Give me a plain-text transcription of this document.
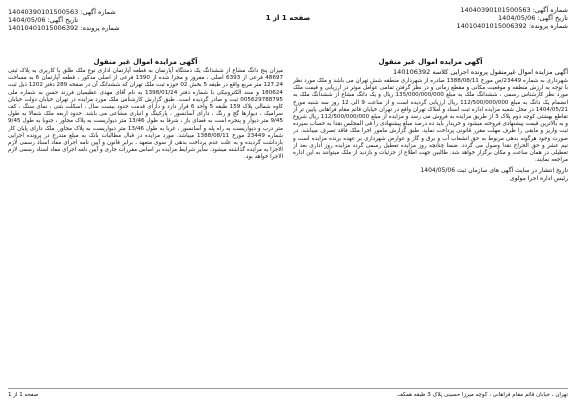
شماره آگهی: 14040390101500563
تاریخ آگهی: 1404/05/06
شماره پرونده: 14010401015006392
صفحه 1 از 1
شماره آگهی: 14040390101500563
تاریخ آگهی: 1404/05/06
شماره پرونده: 14010401015006392
آگهی مزایده اموال غیر منقول
آگهی مزایده اموال غیرمنقول پرونده اجرایی کلاسه 140106392
شهرداری به شماره 23449/ص مورخ 1388/08/11 صادره از شهرداری منطقه شش تهران می باشد و ملک مورد نظر با توجه به ارزش منطقه و موقعیت مکانی و مقطع زمانی و در نظر گرفتن تمامی عوامل موثر در ارزیابی و قیمت ملک مورد نظر کارشناس رسمی ، ششدانگ ملک به مبلغ 135/000/000/000 ریال و یک دانگ مشاع از ششدانگ ملک به انضمام یک دانگ به مبلغ 112/500/000/000 ریال ارزیابی گردیده است و از ساعت 9 الی 12 روز سه شنبه مورخ 1404/05/21 در محل شعبه مزایده اداره ثبت اسناد و املاک تهران واقع در تهران خیابان قائم مقام فراهانی پایین تر از تقاطع بهشتی کوچه دوم پلاک 3 از طریق مزایده به فروش می رسد و مزایده از مبلغ 112/500/000/000 ریال شروع و به بالاترین قیمت پیشنهادی فروخته میشود و خریدار باید ده درصد مبلغ پیشنهادی را فی المجلس نقدا به حساب سپرده ثبت واریز و مابقی را ظرف مهلت مقرر قانونی پرداخت نماید. طبق گزارش مامور اجرا ملک فاقد تصرف میباشد. در صورت وجود هرگونه بدهی مربوط به حق انشعاب آب و برق و گاز و عوارض شهرداری بر عهده برنده مزایده است و نیم عشر و حق الحراج نقدا وصول می گردد. ضمنا چنانچه روز مزایده تعطیل رسمی گردد مزایده روز اداری بعد از تعطیلی در همان ساعت و مکان برگزار خواهد شد. طالبین جهت اطلاع از جزئیات و بازدید از ملک میتوانند به این اداره مراجعه نمایند.
تاریخ انتشار در سایت آگهی های سازمان ثبت 1404/05/06
رئیس اداره اجرا مولوی
آگهی مزایده اموال غیر منقول
میزان پنج دانگ مشاع از ششدانگ یک دستگاه آپارتمان به قطعه آپارتمان اداری نوع ملک طلق با کاربری به پلاک ثبتی 48697 فرعی از 6393 اصلی ، مفروز و مجزا شده از 1390 فرعی از اصلی مذکور ، قطعه آپارتمان 6 به مساحت 127.24 متر مربع واقع در طبقه 5 بخش 02 حوزه ثبت ملک تهران که ششدانگ آن در صفحه 289 دفتر 1202 ذیل ثبت 180624 و سند الکترونیکی با شماره دفتر 1398/01/24 به نام آقای مهدی عظیمیان فرزند حسن به شماره ملی 005629788795 ثبت و صادر گردیده است. طبق گزارش کارشناس ملک مورد مزایده در تهران خیابان دولت خیابان کاوه شمالی پلاک 159 طبقه 5 واحد 6 قرار دارد و دارای قدمت حدود بیست سال ، اسکلت بتنی ، نمای سنگ ، کف سرامیک ، دیوارها گچ و رنگ ، دارای آسانسور ، پارکینگ و انباری مشاعی می باشد. حدود اربعه ملک شمالا به طول 9/45 متر دیوار و پنجره است به فضای باز ، شرقا به طول 13/46 متر دیواریست به پلاک مجاور ، جنوبا به طول 9/45 متر درب و دیواریست به راه پله و آسانسور ، غربا به طول 13/46 متر دیواریست به پلاک مجاور. ملک دارای پایان کار شماره 23449 مورخ 1388/08/11 میباشد. مورد مزایده در قبال مطالبات بانک به مبلغ مندرج در پرونده اجرایی بازداشت گردیده و به علت عدم پرداخت بدهی از سوی متعهد ، برابر قانون و آیین نامه اجرای مفاد اسناد رسمی لازم الاجرا به مزایده گذاشته میشود. سایر شرایط مزایده بر اساس مقررات جاری و آیین نامه اجرای مفاد اسناد رسمی لازم الاجرا خواهد بود.
تهران ، خیابان قائم مقام فراهانی ، کوچه میرزا حسینی پلاک 3 طبقه همکف
صفحه 1 از 1
